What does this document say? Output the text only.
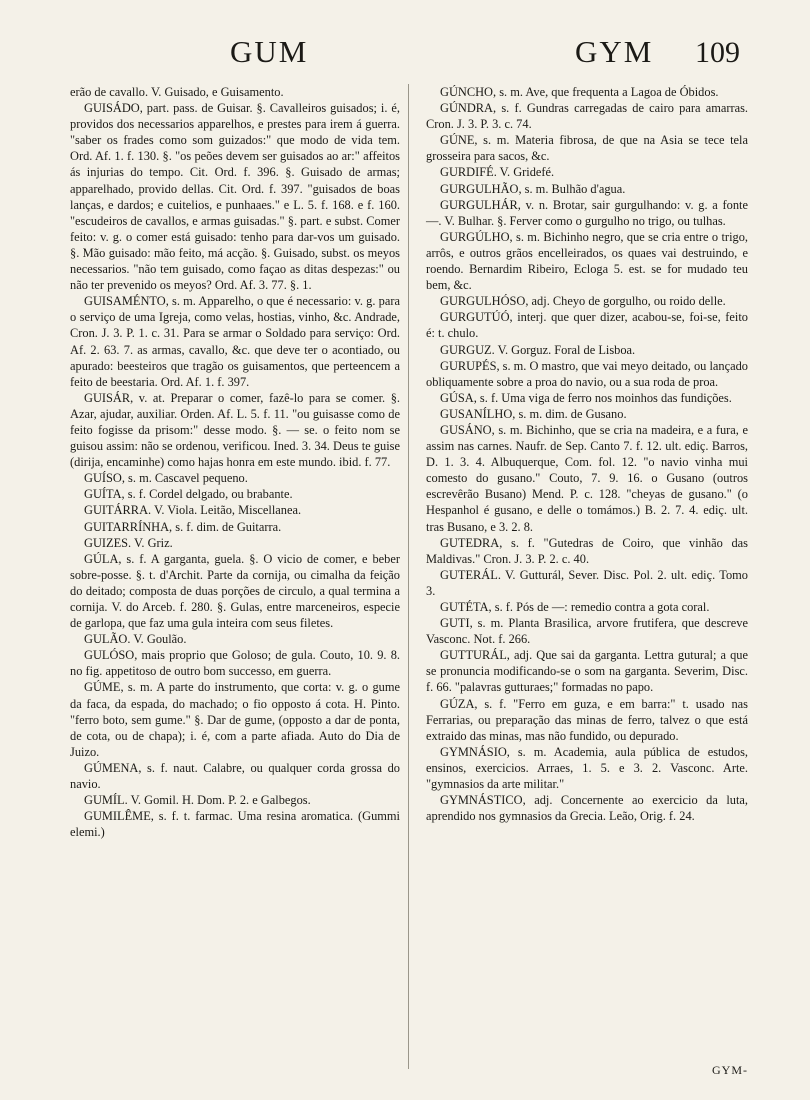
GUM	GYM 109

erão de cavallo. V. Guisado, e Guisamento.

GUISÁDO, part. pass. de Guisar. §. Cavalleiros guisados; i. é, providos dos necessarios apparelhos, e prestes para irem á guerra. "saber os frades como som guizados:" que modo de vida tem. Ord. Af. 1. f. 130. §. "os peões devem ser guisados ao ar:" affeitos ás injurias do tempo. Cit. Ord. f. 396. §. Guisado de armas; apparelhado, provido dellas. Cit. Ord. f. 397. "guisados de boas lanças, e dardos; e cuitelios, e punhaaes." e L. 5. f. 168. e f. 160. "escudeiros de cavallos, e armas guisadas." §. part. e subst. Comer feito: v. g. o comer está guisado: tenho para dar-vos um guisado. §. Mão guisado: mão feito, má acção. §. Guisado, subst. os meyos necessarios. "não tem guisado, como façao as ditas despezas:" ou não ter prevenido os meyos? Ord. Af. 3. 77. §. 1.

GUISAMÉNTO, s. m. Apparelho, o que é necessario: v. g. para o serviço de uma Igreja, como velas, hostias, vinho, &c. Andrade, Cron. J. 3. P. 1. c. 31. Para se armar o Soldado para serviço: Ord. Af. 2. 63. 7. as armas, cavallo, &c. que deve ter o acontiado, ou apurado: beesteiros que tragão os guisamentos, que perteencem a feito de beestaria. Ord. Af. 1. f. 397.

GUISÁR, v. at. Preparar o comer, fazê-lo para se comer. §. Azar, ajudar, auxiliar. Orden. Af. L. 5. f. 11. "ou guisasse como de feito fogisse da prisom:" desse modo. §. — se. o feito nom se guisou assim: não se ordenou, verificou. Ined. 3. 34. Deus te guise (dirija, encaminhe) como hajas honra em este mundo. ibid. f. 77.

GUÍSO, s. m. Cascavel pequeno.

GUÍTA, s. f. Cordel delgado, ou brabante.

GUITÁRRA. V. Viola. Leitão, Miscellanea.

GUITARRÍNHA, s. f. dim. de Guitarra.

GUIZES. V. Griz.

GÚLA, s. f. A garganta, guela. §. O vicio de comer, e beber sobre-posse. §. t. d'Archit. Parte da cornija, ou cimalha da feição do deitado; composta de duas porções de circulo, a qual termina a cornija. V. do Arceb. f. 280. §. Gulas, entre marceneiros, especie de garlopa, que faz uma gula inteira com seus filetes.

GULÃO. V. Goulão.

GULÓSO, mais proprio que Goloso; de gula. Couto, 10. 9. 8. no fig. appetitoso de outro bom successo, em guerra.

GÚME, s. m. A parte do instrumento, que corta: v. g. o gume da faca, da espada, do machado; o fio opposto á cota. H. Pinto. "ferro boto, sem gume." §. Dar de gume, (opposto a dar de ponta, de cota, ou de chapa); i. é, com a parte afiada. Auto do Dia de Juizo.

GÚMENA, s. f. naut. Calabre, ou qualquer corda grossa do navio.

GUMÍL. V. Gomil. H. Dom. P. 2. e Galbegos.

GUMILÊME, s. f. t. farmac. Uma resina aromatica. (Gummi elemi.)

GÚNCHO, s. m. Ave, que frequenta a Lagoa de Óbidos.

GÚNDRA, s. f. Gundras carregadas de cairo para amarras. Cron. J. 3. P. 3. c. 74.

GÚNE, s. m. Materia fibrosa, de que na Asia se tece tela grosseira para sacos, &c.

GURDIFÉ. V. Gridefé.

GURGULHÃO, s. m. Bulhão d'agua.

GURGULHÁR, v. n. Brotar, sair gurgulhando: v. g. a fonte —. V. Bulhar. §. Ferver como o gurgulho no trigo, ou tulhas.

GURGÚLHO, s. m. Bichinho negro, que se cria entre o trigo, arrôs, e outros grãos encelleirados, os quaes vai destruindo, e roendo. Bernardim Ribeiro, Ecloga 5. est. se for mudado teu bem, &c.

GURGULHÓSO, adj. Cheyo de gorgulho, ou roido delle.

GURGUTÚÓ, interj. que quer dizer, acabou-se, foi-se, feito é: t. chulo.

GURGUZ. V. Gorguz. Foral de Lisboa.

GURUPÉS, s. m. O mastro, que vai meyo deitado, ou lançado obliquamente sobre a proa do navio, ou a sua roda de proa.

GÚSA, s. f. Uma viga de ferro nos moinhos das fundições.

GUSANÍLHO, s. m. dim. de Gusano.

GUSÁNO, s. m. Bichinho, que se cria na madeira, e a fura, e assim nas carnes. Naufr. de Sep. Canto 7. f. 12. ult. ediç. Barros, D. 1. 3. 4. Albuquerque, Com. fol. 12. "o navio vinha mui comesto do gusano." Couto, 7. 9. 16. o Gusano (outros escrevêrão Busano) Mend. P. c. 128. "cheyas de gusano." (o Hespanhol é gusano, e delle o tomámos.) B. 2. 7. 4. ediç. ult. tras Busano, e 3. 2. 8.

GUTEDRA, s. f. "Gutedras de Coiro, que vinhão das Maldivas." Cron. J. 3. P. 2. c. 40.

GUTERÁL. V. Gutturál, Sever. Disc. Pol. 2. ult. ediç. Tomo 3.

GUTÉTA, s. f. Pós de —: remedio contra a gota coral.

GUTI, s. m. Planta Brasilica, arvore frutifera, que descreve Vasconc. Not. f. 266.

GUTTURÁL, adj. Que sai da garganta. Lettra gutural; a que se pronuncia modificando-se o som na garganta. Severim, Disc. f. 66. "palavras gutturaes;" formadas no papo.

GÚZA, s. f. "Ferro em guza, e em barra:" t. usado nas Ferrarias, ou preparação das minas de ferro, talvez o que está extraido das minas, mas não fundido, ou depurado.

GYMNÁSIO, s. m. Academia, aula pública de estudos, ensinos, exercicios. Arraes, 1. 5. e 3. 2. Vasconc. Arte. "gymnasios da arte militar."

GYMNÁSTICO, adj. Concernente ao exercicio da luta, aprendido nos gymnasios da Grecia. Leão, Orig. f. 24.

GYM-
